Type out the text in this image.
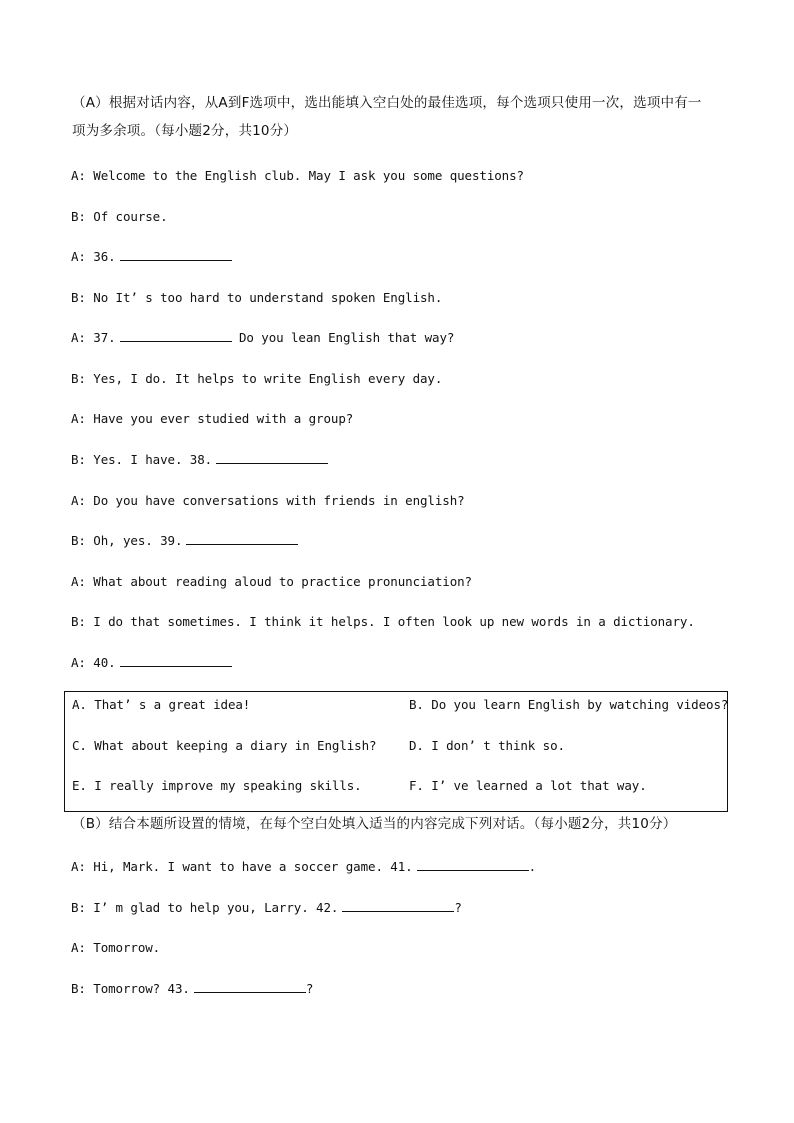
（A）根据对话内容，从A到F选项中，选出能填入空白处的最佳选项，每个选项只使用一次，选项中有一
项为多余项。（每小题2分，共10分）
A: Welcome to the English club. May I ask you some questions?
B: Of course.
A: 36.
B: No It’ s too hard to understand spoken English.
A: 37.	Do you lean English that way?
B: Yes, I do. It helps to write English every day.
A: Have you ever studied with a group?
B: Yes. I have. 38.
A: Do you have conversations with friends in english?
B: Oh, yes. 39.
A: What about reading aloud to practice pronunciation?
B: I do that sometimes. I think it helps. I often look up new words in a dictionary.
A: 40.
A. That’ s a great idea!	B. Do you learn English by watching videos?
C. What about keeping a diary in English?	D. I don’ t think so.
E. I really improve my speaking skills.	F. I’ ve learned a lot that way.
（B）结合本题所设置的情境，在每个空白处填入适当的内容完成下列对话。（每小题2分，共10分）
A: Hi, Mark. I want to have a soccer game. 41.	.
B: I’ m glad to help you, Larry. 42.	?
A: Tomorrow.
B: Tomorrow? 43.	?
